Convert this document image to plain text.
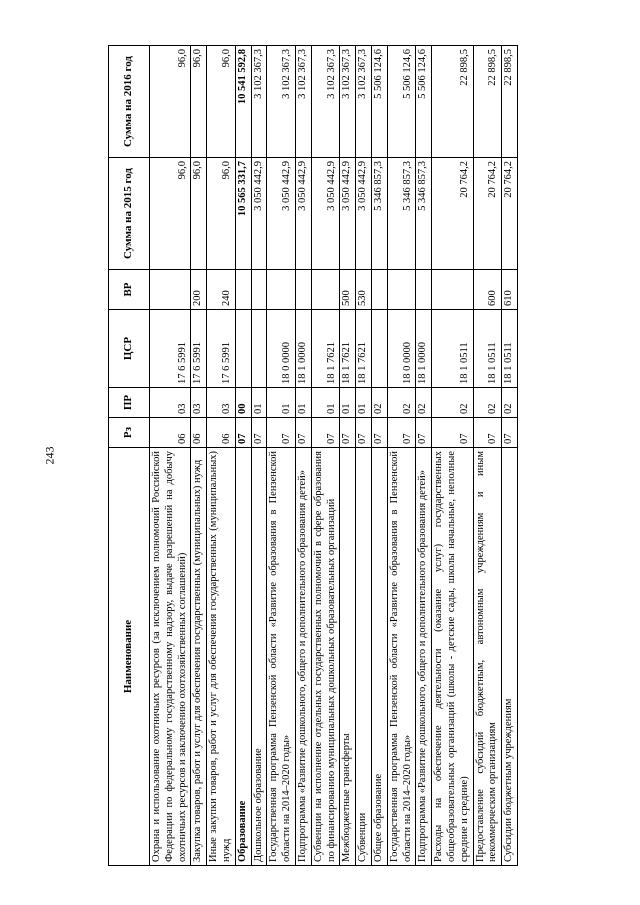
243
Наименование	Рз	ПР	ЦСР	ВР	Сумма на 2015 год	Сумма на 2016 год
Охрана и использование охотничьих ресурсов (за исключением полномочий Российской Федерации по федеральному государственному надзору, выдаче разрешений на добычу охотничьих ресурсов и заключению охотхозяйственных соглашений)	06	03	17 6 5991		96,0	96,0
Закупка товаров, работ и услуг для обеспечения государственных (муниципальных) нужд	06	03	17 6 5991	200	96,0	96,0
Иные закупки товаров, работ и услуг для обеспечения государственных (муниципальных) нужд	06	03	17 6 5991	240	96,0	96,0
Образование	07	00			10 565 331,7	10 541 592,8
Дошкольное образование	07	01			3 050 442,9	3 102 367,3
Государственная программа Пензенской области «Развитие образования в Пензенской области на 2014–2020 годы»	07	01	18 0 0000		3 050 442,9	3 102 367,3
Подпрограмма «Развитие дошкольного, общего и дополнительного образования детей»	07	01	18 1 0000		3 050 442,9	3 102 367,3
Субвенции на исполнение отдельных государственных полномочий в сфере образования по финансированию муниципальных дошкольных образовательных организаций	07	01	18 1 7621		3 050 442,9	3 102 367,3
Межбюджетные трансферты	07	01	18 1 7621	500	3 050 442,9	3 102 367,3
Субвенции	07	01	18 1 7621	530	3 050 442,9	3 102 367,3
Общее образование	07	02			5 346 857,3	5 506 124,6
Государственная программа Пензенской области «Развитие образования в Пензенской области на 2014–2020 годы»	07	02	18 0 0000		5 346 857,3	5 506 124,6
Подпрограмма «Развитие дошкольного, общего и дополнительного образования детей»	07	02	18 1 0000		5 346 857,3	5 506 124,6
Расходы на обеспечение деятельности (оказание услуг) государственных общеобразовательных организаций (школы - детские сады, школы начальные, неполные средние и средние)	07	02	18 1 0511		20 764,2	22 898,5
Предоставление субсидий бюджетным, автономным учреждениям и иным некоммерческим организациям	07	02	18 1 0511	600	20 764,2	22 898,5
Субсидии бюджетным учреждениям	07	02	18 1 0511	610	20 764,2	22 898,5
